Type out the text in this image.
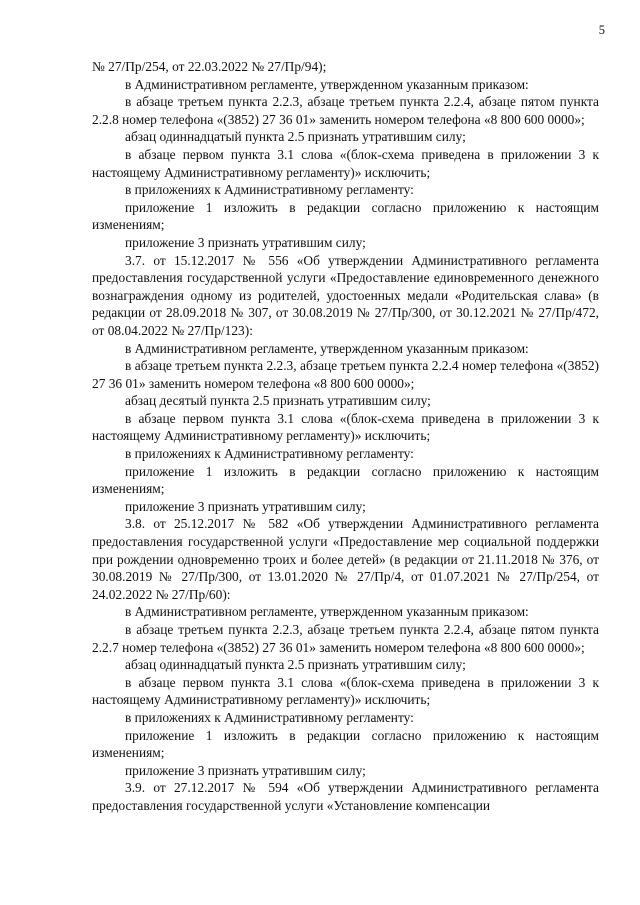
5

№ 27/Пр/254, от 22.03.2022 № 27/Пр/94);

в Административном регламенте, утвержденном указанным приказом:

в абзаце третьем пункта 2.2.3, абзаце третьем пункта 2.2.4, абзаце пятом пункта 2.2.8 номер телефона «(3852) 27 36 01» заменить номером телефона «8 800 600 0000»;

абзац одиннадцатый пункта 2.5 признать утратившим силу;

в абзаце первом пункта 3.1 слова «(блок-схема приведена в приложении 3 к настоящему Административному регламенту)» исключить;

в приложениях к Административному регламенту:

приложение 1 изложить в редакции согласно приложению к настоящим изменениям;

приложение 3 признать утратившим силу;

3.7. от 15.12.2017 № 556 «Об утверждении Административного регламента предоставления государственной услуги «Предоставление единовременного денежного вознаграждения одному из родителей, удостоенных медали «Родительская слава» (в редакции от 28.09.2018 № 307, от 30.08.2019 № 27/Пр/300, от 30.12.2021 № 27/Пр/472, от 08.04.2022 № 27/Пр/123):

в Административном регламенте, утвержденном указанным приказом:

в абзаце третьем пункта 2.2.3, абзаце третьем пункта 2.2.4 номер телефона «(3852) 27 36 01» заменить номером телефона «8 800 600 0000»;

абзац десятый пункта 2.5 признать утратившим силу;

в абзаце первом пункта 3.1 слова «(блок-схема приведена в приложении 3 к настоящему Административному регламенту)» исключить;

в приложениях к Административному регламенту:

приложение 1 изложить в редакции согласно приложению к настоящим изменениям;

приложение 3 признать утратившим силу;

3.8. от 25.12.2017 № 582 «Об утверждении Административного регламента предоставления государственной услуги «Предоставление мер социальной поддержки при рождении одновременно троих и более детей» (в редакции от 21.11.2018 № 376, от 30.08.2019 № 27/Пр/300, от 13.01.2020 № 27/Пр/4, от 01.07.2021 № 27/Пр/254, от 24.02.2022 № 27/Пр/60):

в Административном регламенте, утвержденном указанным приказом:

в абзаце третьем пункта 2.2.3, абзаце третьем пункта 2.2.4, абзаце пятом пункта 2.2.7 номер телефона «(3852) 27 36 01» заменить номером телефона «8 800 600 0000»;

абзац одиннадцатый пункта 2.5 признать утратившим силу;

в абзаце первом пункта 3.1 слова «(блок-схема приведена в приложении 3 к настоящему Административному регламенту)» исключить;

в приложениях к Административному регламенту:

приложение 1 изложить в редакции согласно приложению к настоящим изменениям;

приложение 3 признать утратившим силу;

3.9. от 27.12.2017 № 594 «Об утверждении Административного регламента предоставления государственной услуги «Установление компенсации
